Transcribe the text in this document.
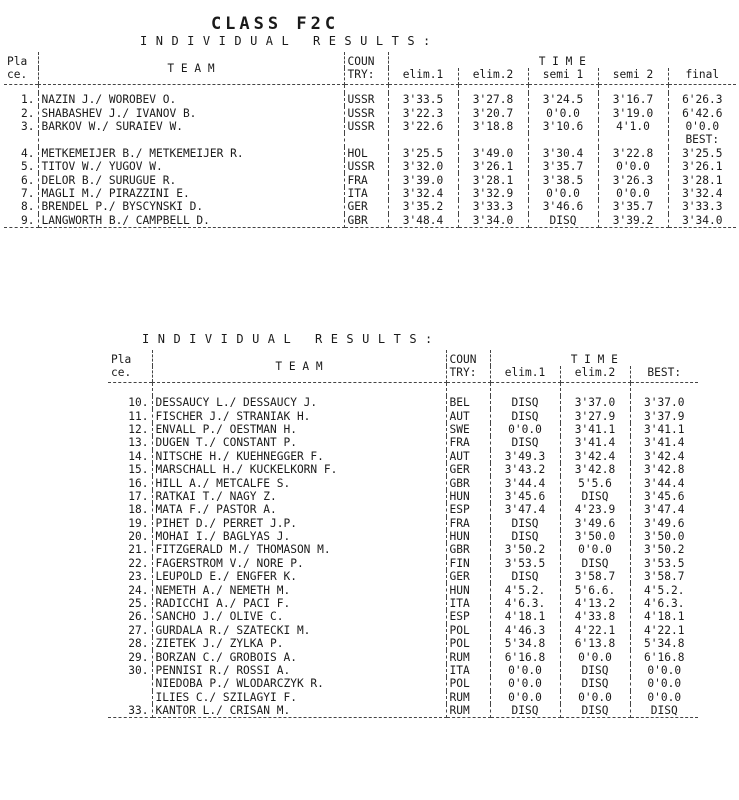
CLASS F2C
INDIVIDUAL RESULTS:
Pla	T E A M	COUN	T I M E				
ce.		TRY:	elim.1	elim.2	semi 1	semi 2	final

1.	NAZIN J./ WOROBEV O.	USSR	3'33.5	3'27.8	3'24.5	3'16.7	6'26.3
2.	SHABASHEV J./ IVANOV B.	USSR	3'22.3	3'20.7	0'0.0	3'19.0	6'42.6
3.	BARKOV W./ SURAIEV W.	USSR	3'22.6	3'18.8	3'10.6	4'1.0	0'0.0
							BEST:
4.	METKEMEIJER B./ METKEMEIJER R.	HOL	3'25.5	3'49.0	3'30.4	3'22.8	3'25.5
5.	TITOV W./ YUGOV W.	USSR	3'32.0	3'26.1	3'35.7	0'0.0	3'26.1
6.	DELOR B./ SURUGUE R.	FRA	3'39.0	3'28.1	3'38.5	3'26.3	3'28.1
7.	MAGLI M./ PIRAZZINI E.	ITA	3'32.4	3'32.9	0'0.0	0'0.0	3'32.4
8.	BRENDEL P./ BYSCYNSKI D.	GER	3'35.2	3'33.3	3'46.6	3'35.7	3'33.3
9.	LANGWORTH B./ CAMPBELL D.	GBR	3'48.4	3'34.0	DISQ	3'39.2	3'34.0
INDIVIDUAL RESULTS:
Pla	T E A M	COUN	T I M E		
ce.		TRY:	elim.1	elim.2	BEST:

10.	DESSAUCY L./ DESSAUCY J.	BEL	DISQ	3'37.0	3'37.0
11.	FISCHER J./ STRANIAK H.	AUT	DISQ	3'27.9	3'37.9
12.	ENVALL P./ OESTMAN H.	SWE	0'0.0	3'41.1	3'41.1
13.	DUGEN T./ CONSTANT P.	FRA	DISQ	3'41.4	3'41.4
14.	NITSCHE H./ KUEHNEGGER F.	AUT	3'49.3	3'42.4	3'42.4
15.	MARSCHALL H./ KUCKELKORN F.	GER	3'43.2	3'42.8	3'42.8
16.	HILL A./ METCALFE S.	GBR	3'44.4	5'5.6	3'44.4
17.	RATKAI T./ NAGY Z.	HUN	3'45.6	DISQ	3'45.6
18.	MATA F./ PASTOR A.	ESP	3'47.4	4'23.9	3'47.4
19.	PIHET D./ PERRET J.P.	FRA	DISQ	3'49.6	3'49.6
20.	MOHAI I./ BAGLYAS J.	HUN	DISQ	3'50.0	3'50.0
21.	FITZGERALD M./ THOMASON M.	GBR	3'50.2	0'0.0	3'50.2
22.	FAGERSTROM V./ NORE P.	FIN	3'53.5	DISQ	3'53.5
23.	LEUPOLD E./ ENGFER K.	GER	DISQ	3'58.7	3'58.7
24.	NEMETH A./ NEMETH M.	HUN	4'5.2.	5'6.6.	4'5.2.
25.	RADICCHI A./ PACI F.	ITA	4'6.3.	4'13.2	4'6.3.
26.	SANCHO J./ OLIVE C.	ESP	4'18.1	4'33.8	4'18.1
27.	GURDALA R./ SZATECKI M.	POL	4'46.3	4'22.1	4'22.1
28.	ZIETEK J./ ZYLKA P.	POL	5'34.8	6'13.8	5'34.8
29.	BORZAN C./ GROBOIS A.	RUM	6'16.8	0'0.0	6'16.8
30.	PENNISI R./ ROSSI A.	ITA	0'0.0	DISQ	0'0.0
	NIEDOBA P./ WLODARCZYK R.	POL	0'0.0	DISQ	0'0.0
	ILIES C./ SZILAGYI F.	RUM	0'0.0	0'0.0	0'0.0
33.	KANTOR L./ CRISAN M.	RUM	DISQ	DISQ	DISQ
